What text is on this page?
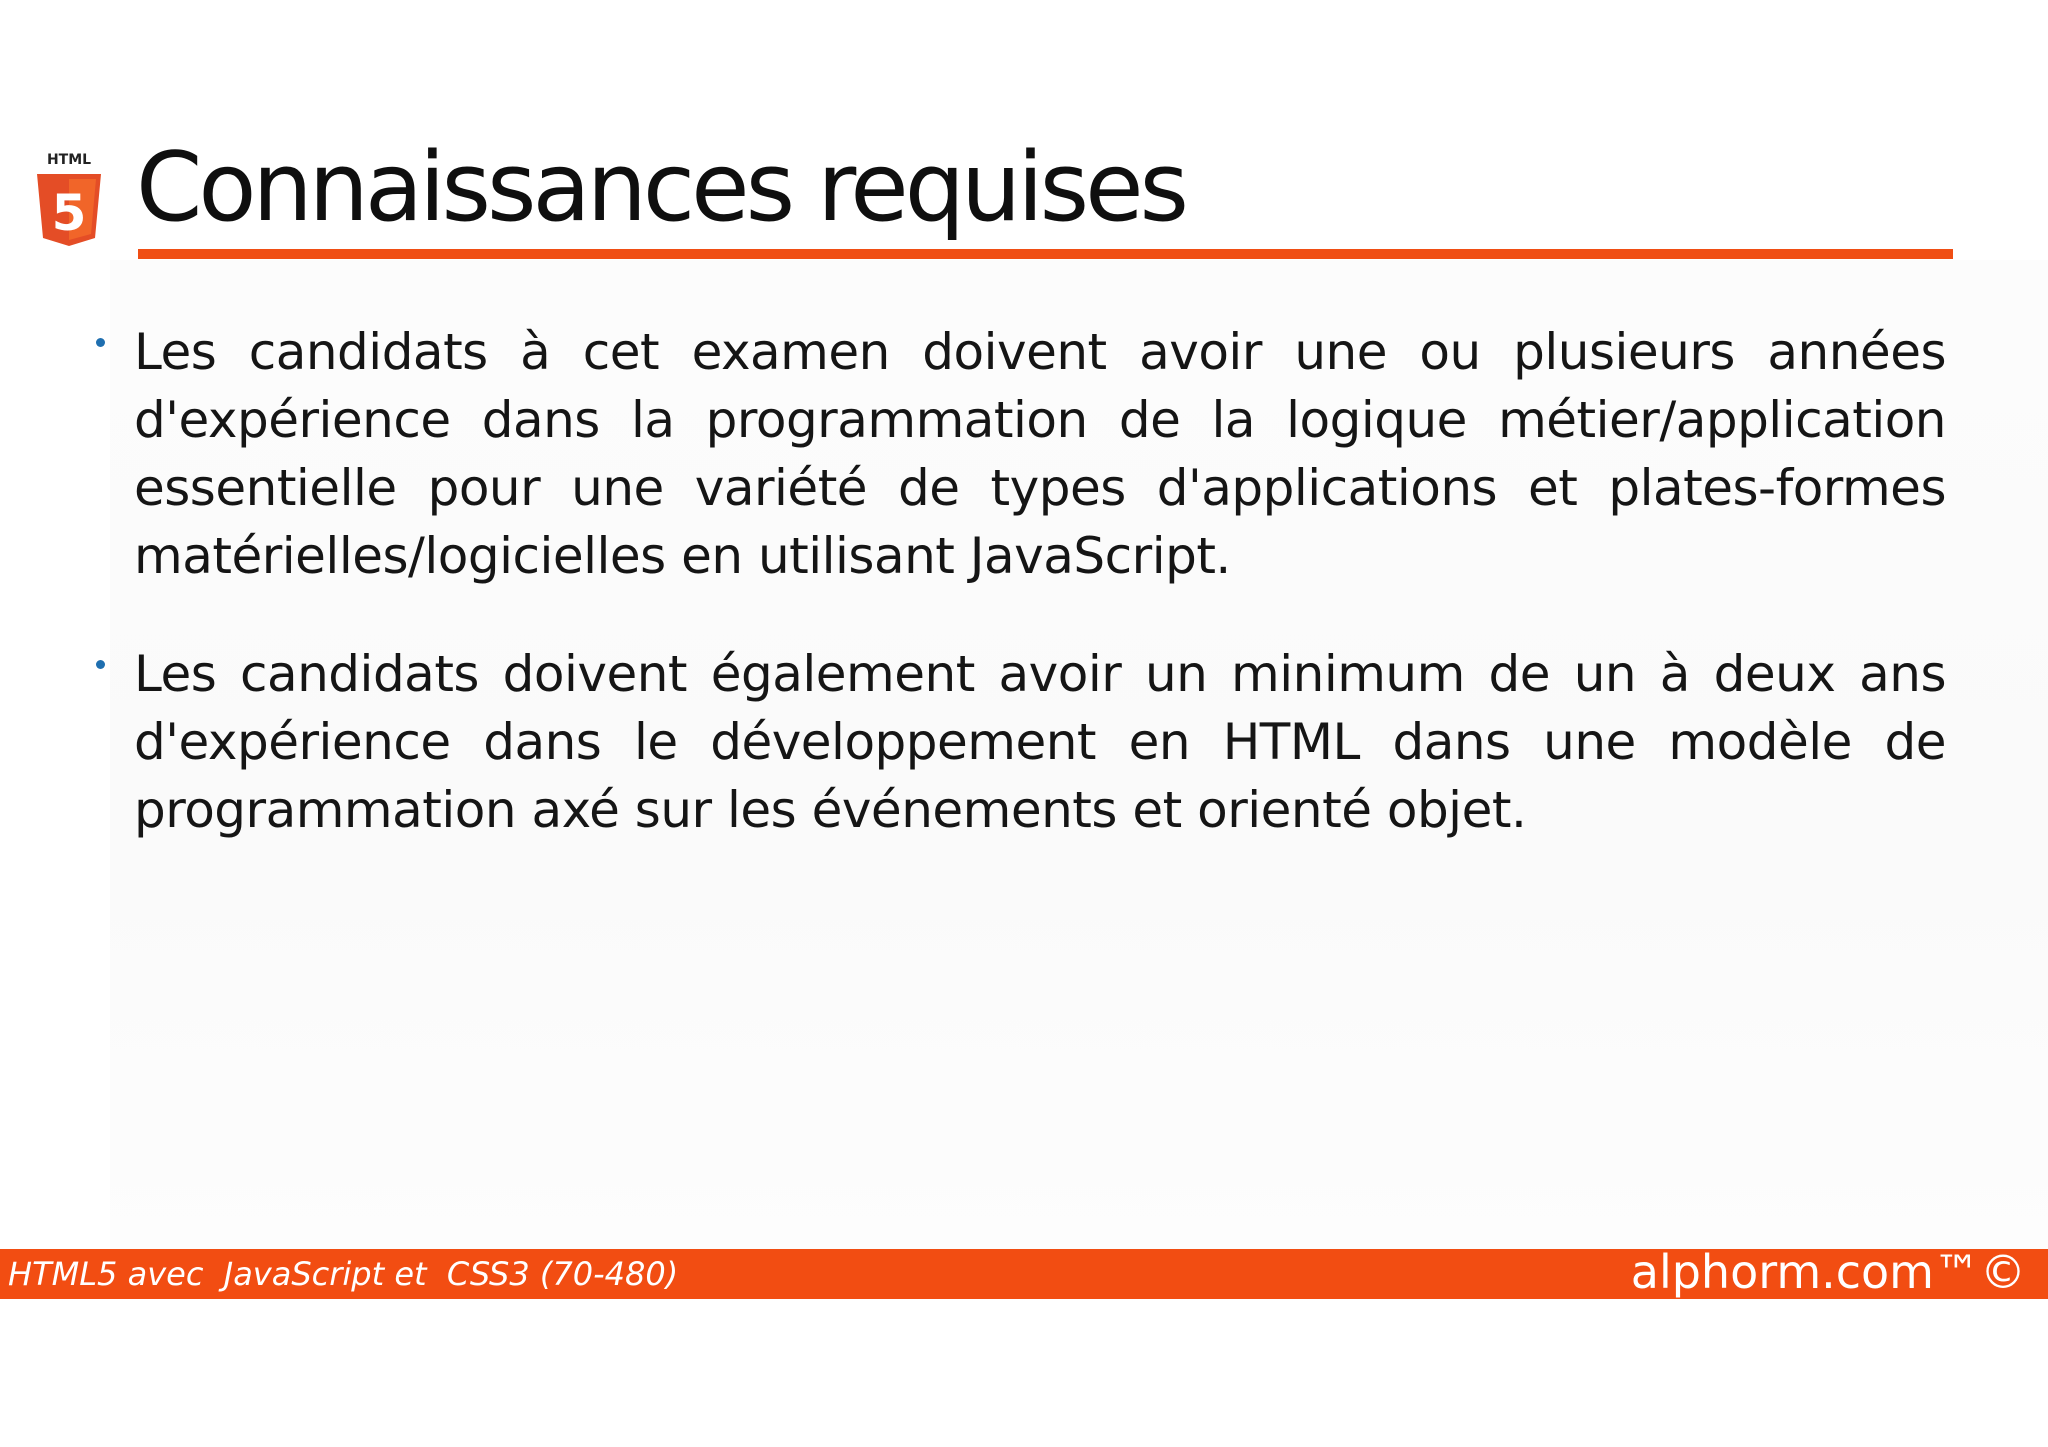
HTML
5 Connaissances requises
Les candidats à cet examen doivent avoir une ou plusieurs années d'expérience dans la programmation de la logique métier/application essentielle pour une variété de types d'applications et plates-formes matérielles/logicielles en utilisant JavaScript.
Les candidats doivent également avoir un minimum de un à deux ans d'expérience dans le développement en HTML dans une modèle de programmation axé sur les événements et orienté objet.
HTML5 avec  JavaScript et  CSS3 (70-480)	alphorm.com™©
